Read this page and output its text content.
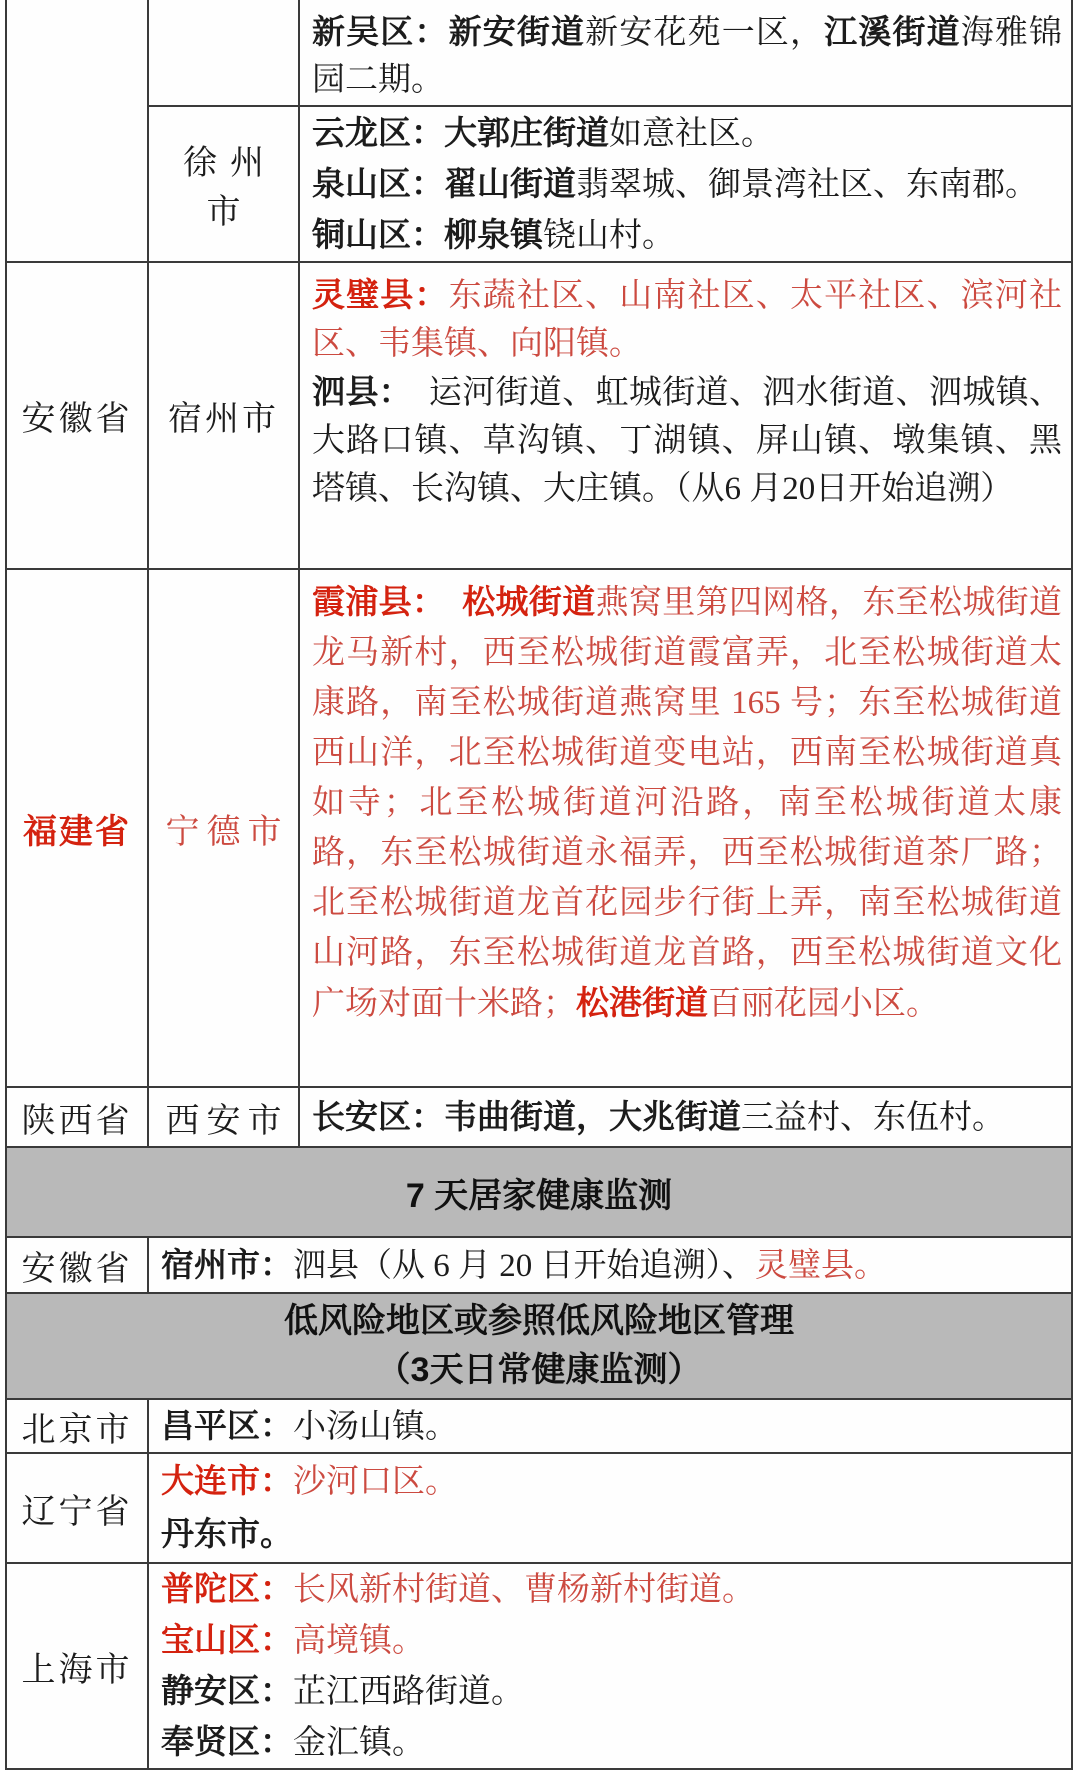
新吴区：新安街道新安花苑一区，江溪街道海雅锦园二期。

徐州市

云龙区：大郭庄街道如意社区。

泉山区：翟山街道翡翠城、御景湾社区、东南郡。

铜山区：柳泉镇铙山村。

安徽省	宿州市

灵璧县：东蔬社区、山南社区、太平社区、滨河社区、韦集镇、向阳镇。

泗县：　运河街道、虹城街道、泗水街道、泗城镇、大路口镇、草沟镇、丁湖镇、屏山镇、墩集镇、黑塔镇、长沟镇、大庄镇。（从6 月20日开始追溯）

福建省	宁德市

霞浦县：　松城街道燕窝里第四网格，东至松城街道龙马新村，西至松城街道霞富弄，北至松城街道太康路，南至松城街道燕窝里 165 号；东至松城街道西山洋，北至松城街道变电站，西南至松城街道真如寺；北至松城街道河沿路，南至松城街道太康路，东至松城街道永福弄，西至松城街道茶厂路；北至松城街道龙首花园步行街上弄，南至松城街道山河路，东至松城街道龙首路，西至松城街道文化广场对面十米路；松港街道百丽花园小区。

陕西省 西安市 长安区：韦曲街道，大兆街道三益村、东伍村。

7 天居家健康监测
安徽省 宿州市：泗县（从 6 月 20 日开始追溯）、灵璧县。

低风险地区或参照低风险地区管理
（3天日常健康监测）
北京市 昌平区：小汤山镇。

辽宁省

大连市：沙河口区。

丹东市。

上海市

普陀区：长风新村街道、曹杨新村街道。

宝山区：高境镇。

静安区：芷江西路街道。

奉贤区：金汇镇。
